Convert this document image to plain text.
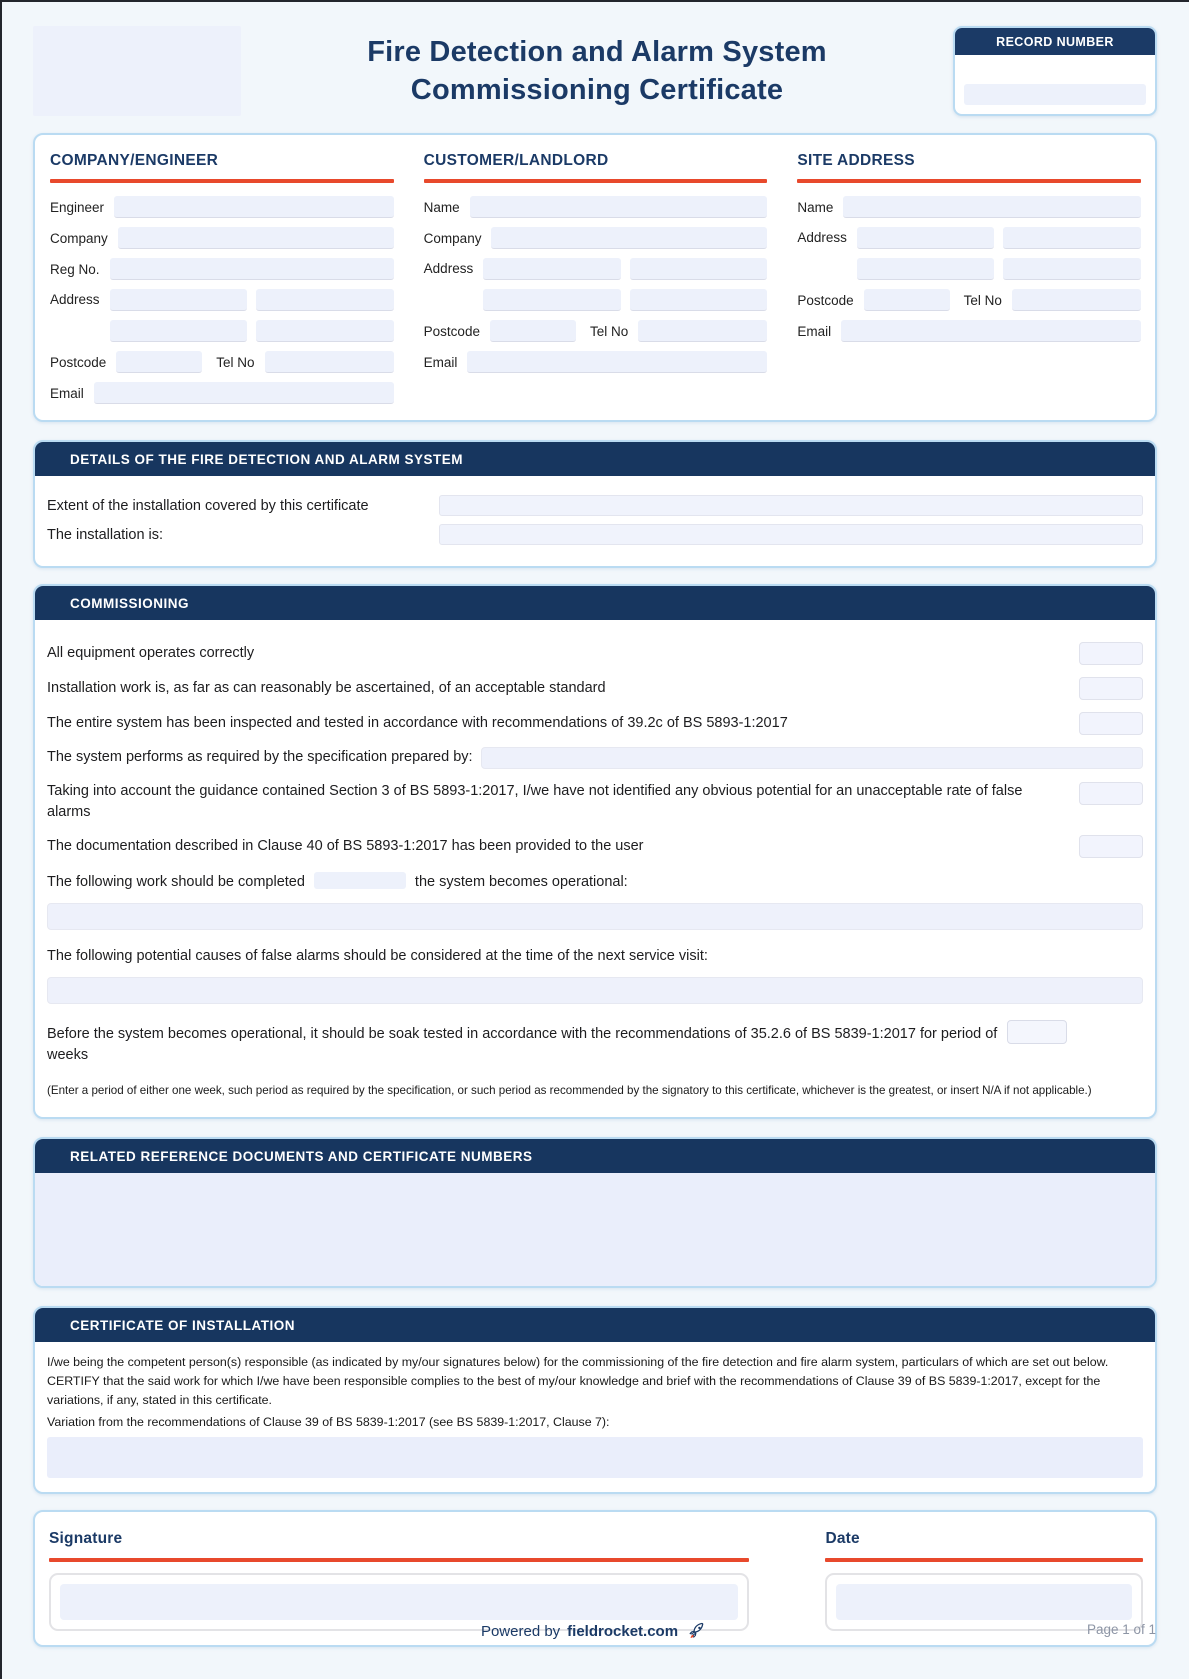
Fire Detection and Alarm System
Commissioning Certificate
RECORD NUMBER
COMPANY/ENGINEER
Engineer
Company
Reg No.
Address
Postcode	Tel No
Email
CUSTOMER/LANDLORD
Name
Company
Address
Postcode	Tel No
Email
SITE ADDRESS
Name
Address
Postcode	Tel No
Email
DETAILS OF THE FIRE DETECTION AND ALARM SYSTEM
Extent of the installation covered by this certificate
The installation is:
COMMISSIONING
All equipment operates correctly
Installation work is, as far as can reasonably be ascertained, of an acceptable standard
The entire system has been inspected and tested in accordance with recommendations of 39.2c of BS 5893-1:2017
The system performs as required by the specification prepared by:
Taking into account the guidance contained Section 3 of BS 5893-1:2017, I/we have not identified any obvious potential for an unacceptable rate of false alarms
The documentation described in Clause 40 of BS 5893-1:2017 has been provided to the user
The following work should be completed	the system becomes operational:
The following potential causes of false alarms should be considered at the time of the next service visit:
Before the system becomes operational, it should be soak tested in accordance with the recommendations of 35.2.6 of BS 5839-1:2017 for period ofweeks

(Enter a period of either one week, such period as required by the specification, or such period as recommended by the signatory to this certificate, whichever is the greatest, or insert N/A if not applicable.)

RELATED REFERENCE DOCUMENTS AND CERTIFICATE NUMBERS
CERTIFICATE OF INSTALLATION

I/we being the competent person(s) responsible (as indicated by my/our signatures below) for the commissioning of the fire detection and fire alarm system, particulars of which are set out below. CERTIFY that the said work for which I/we have been responsible complies to the best of my/our knowledge and brief with the recommendations of Clause 39 of BS 5839-1:2017, except for the variations, if any, stated in this certificate.

Variation from the recommendations of Clause 39 of BS 5839-1:2017 (see BS 5839-1:2017, Clause 7):

Signature	Date
Powered by fieldrocket.com	Page 1 of 1
